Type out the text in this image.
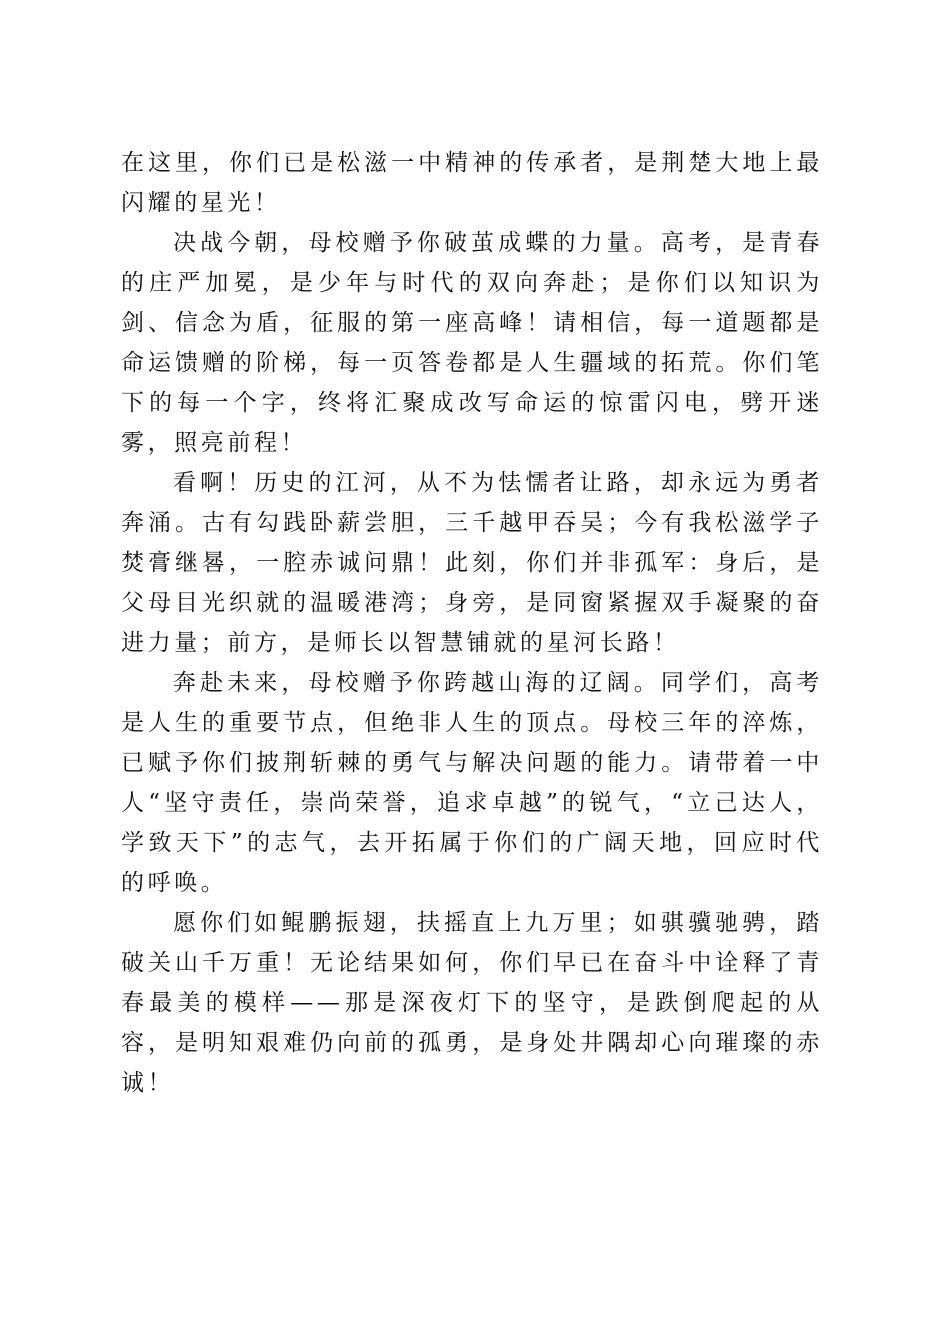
在这里，你们已是松滋一中精神的传承者，是荆楚大地上最闪耀的星光！

决战今朝，母校赠予你破茧成蝶的力量。高考，是青春的庄严加冕，是少年与时代的双向奔赴；是你们以知识为剑、信念为盾，征服的第一座高峰！请相信，每一道题都是命运馈赠的阶梯，每一页答卷都是人生疆域的拓荒。你们笔下的每一个字，终将汇聚成改写命运的惊雷闪电，劈开迷雾，照亮前程！

看啊！历史的江河，从不为怯懦者让路，却永远为勇者奔涌。古有勾践卧薪尝胆，三千越甲吞吴；今有我松滋学子焚膏继晷，一腔赤诚问鼎！此刻，你们并非孤军：身后，是父母目光织就的温暖港湾；身旁，是同窗紧握双手凝聚的奋进力量；前方，是师长以智慧铺就的星河长路！

奔赴未来，母校赠予你跨越山海的辽阔。同学们，高考是人生的重要节点，但绝非人生的顶点。母校三年的淬炼，已赋予你们披荆斩棘的勇气与解决问题的能力。请带着一中人“坚守责任，崇尚荣誉，追求卓越”的锐气，“立己达人，学致天下”的志气，去开拓属于你们的广阔天地，回应时代的呼唤。

愿你们如鲲鹏振翅，扶摇直上九万里；如骐骥驰骋，踏破关山千万重！无论结果如何，你们早已在奋斗中诠释了青春最美的模样——那是深夜灯下的坚守，是跌倒爬起的从容，是明知艰难仍向前的孤勇，是身处井隅却心向璀璨的赤诚！
